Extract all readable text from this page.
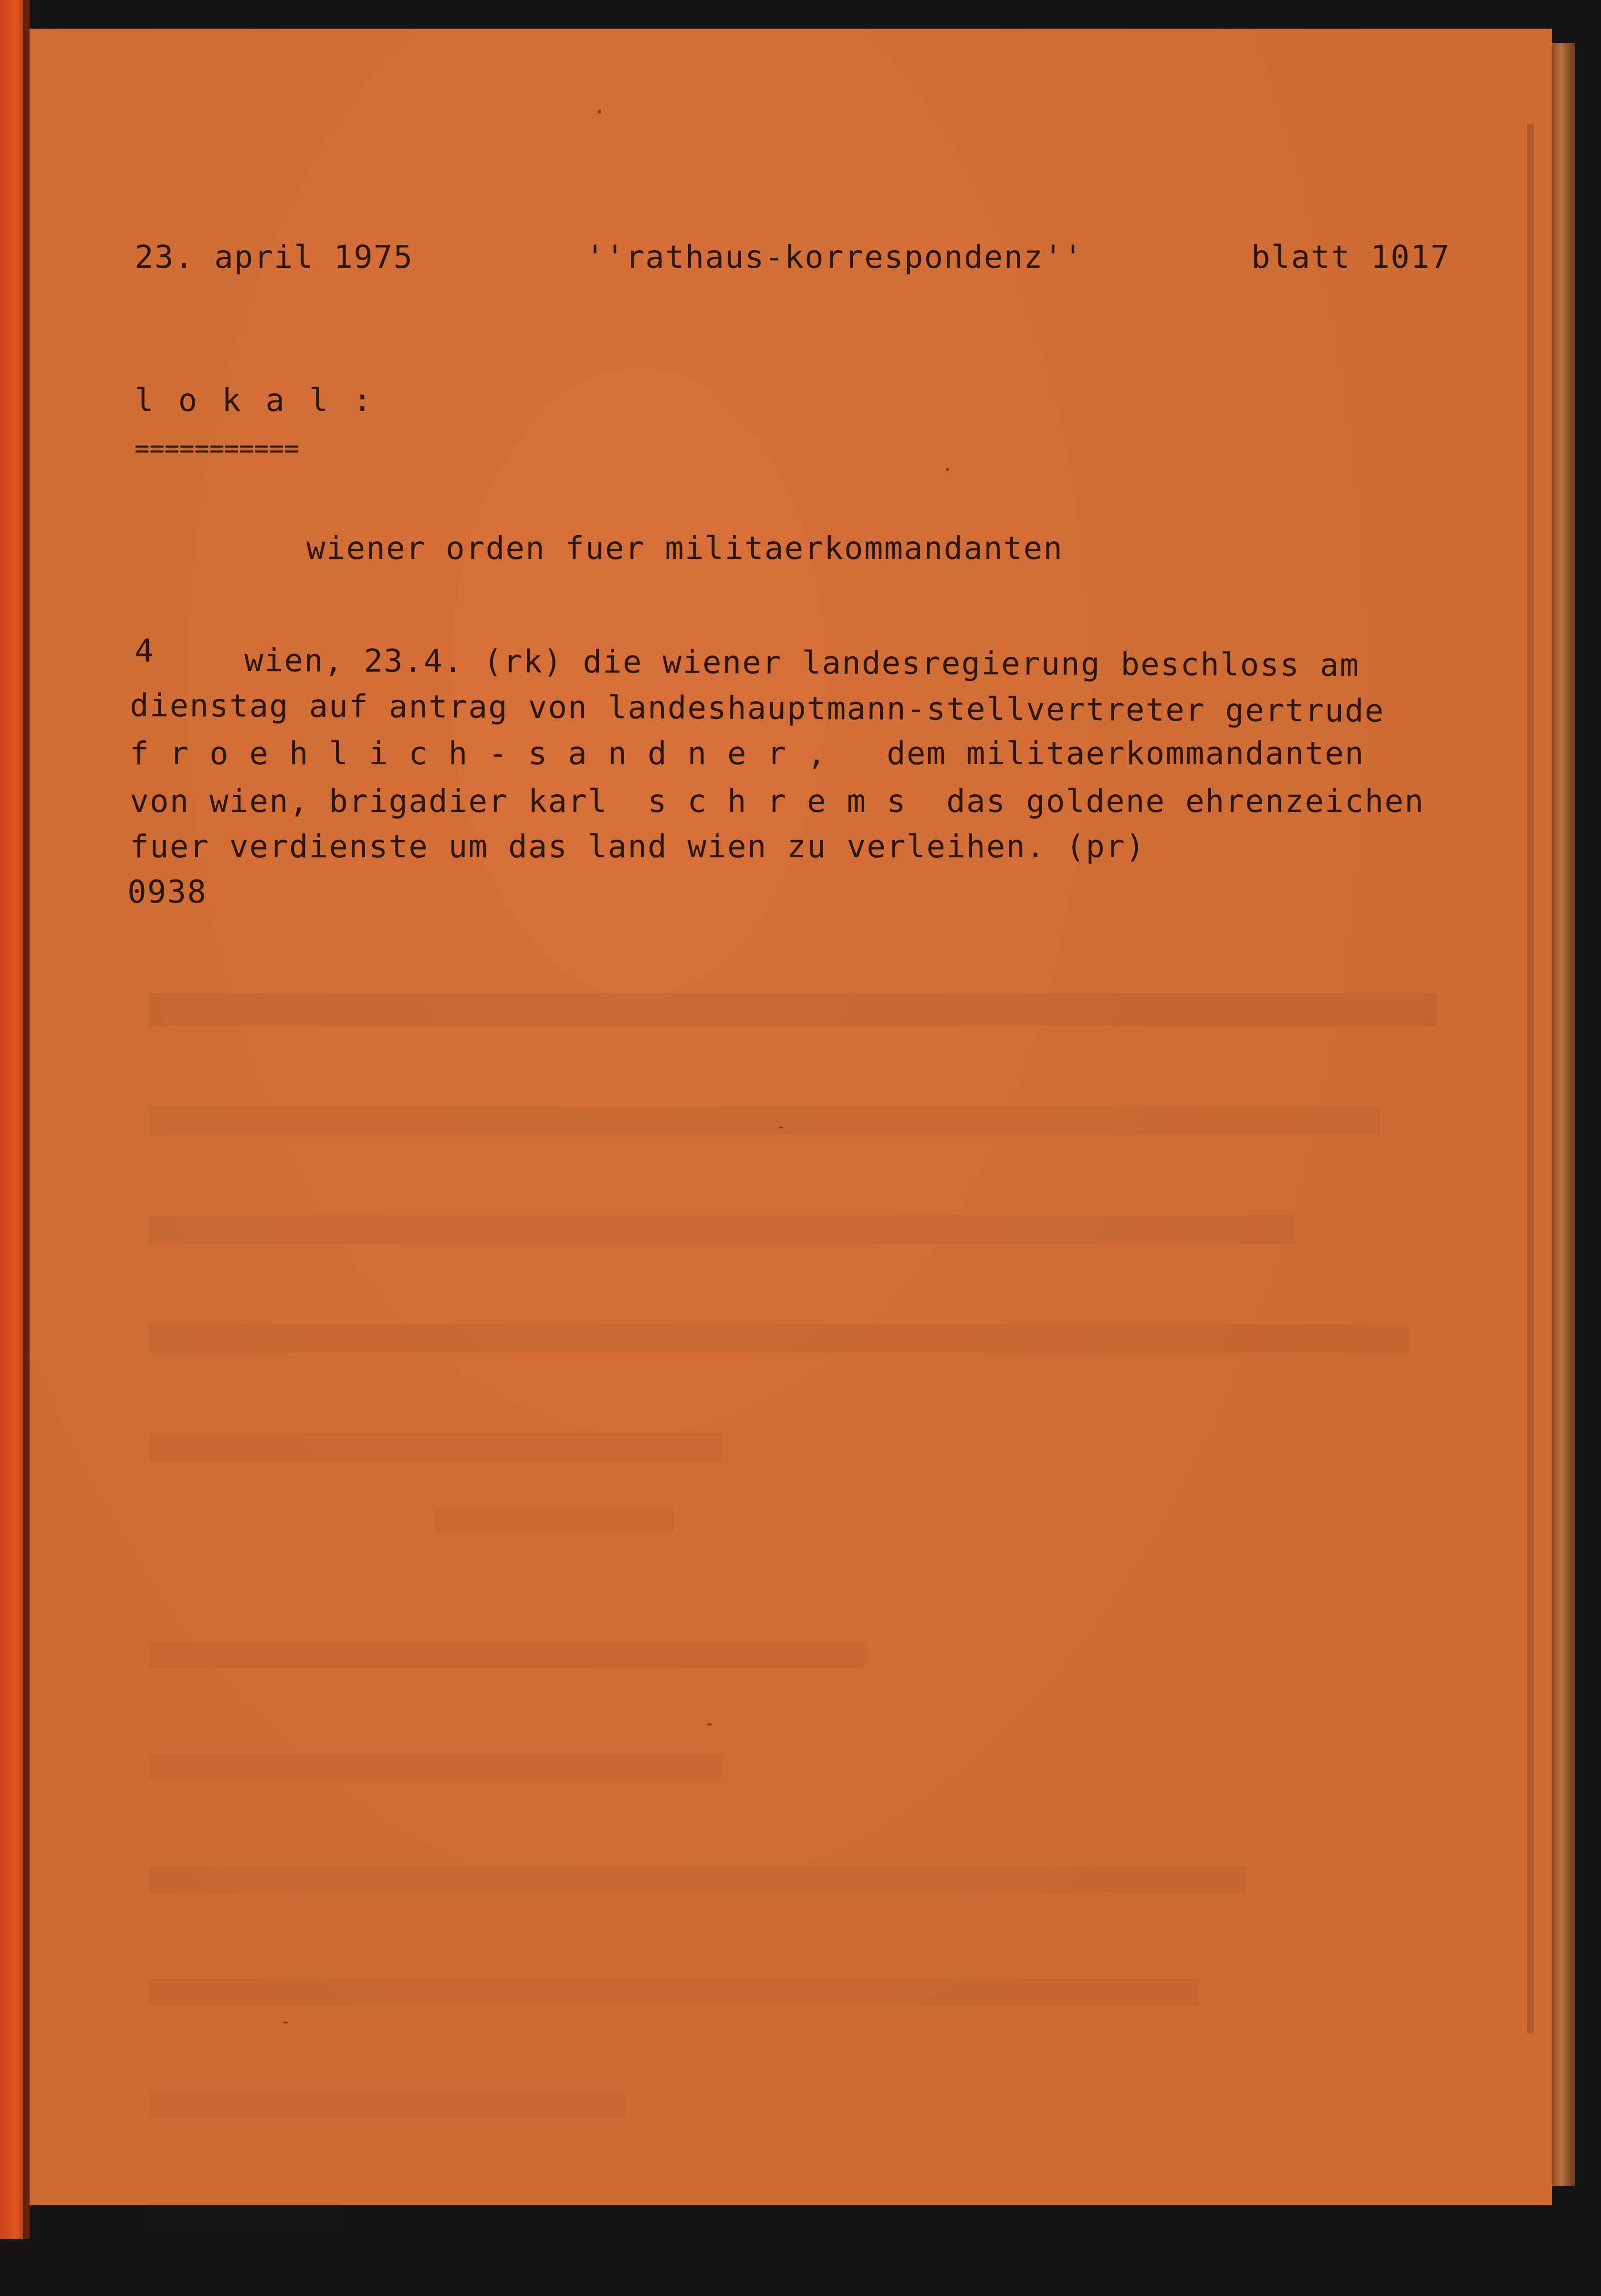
23. april 1975	''rathaus-korrespondenz''	blatt 1017
l o k a l :
===========
wiener orden fuer militaerkommandanten
4	wien, 23.4. (rk) die wiener landesregierung beschloss am
dienstag auf antrag von landeshauptmann-stellvertreter gertrude
f r o e h l i c h - s a n d n e r ,   dem militaerkommandanten
von wien, brigadier karl  s c h r e m s  das goldene ehrenzeichen
fuer verdienste um das land wien zu verleihen. (pr)
0938
